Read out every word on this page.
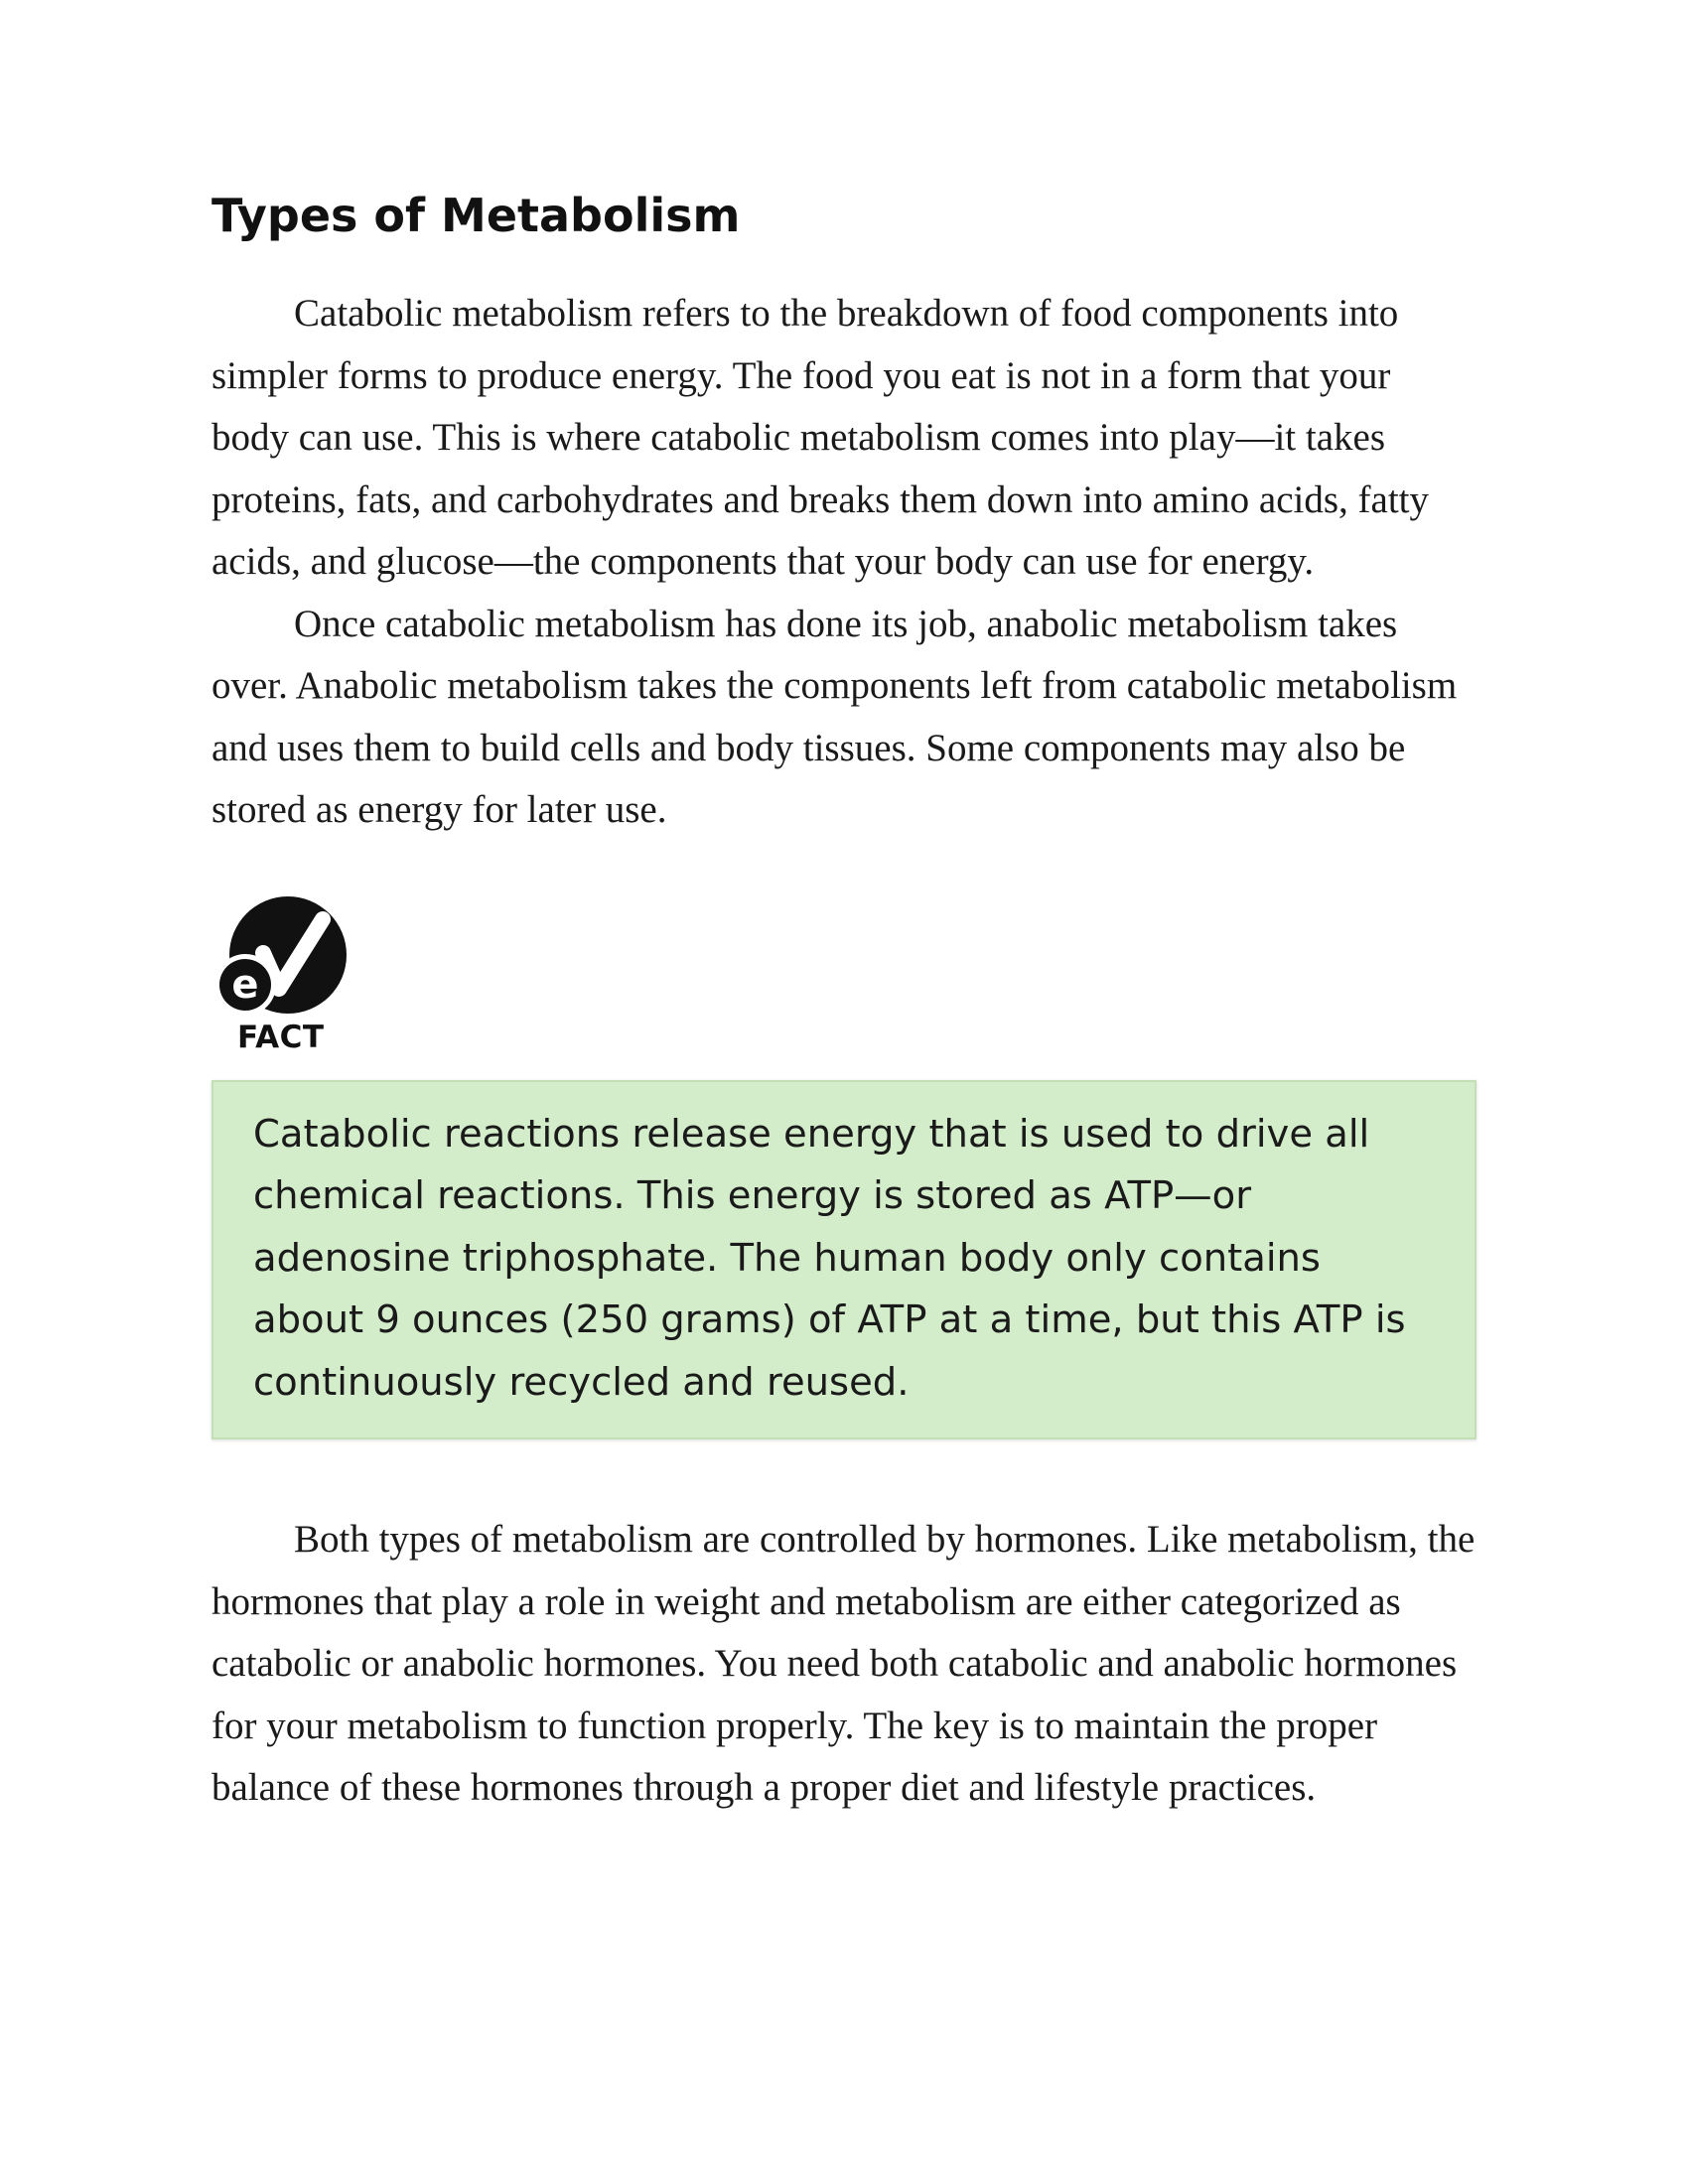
Types of Metabolism

Catabolic metabolism refers to the breakdown of food components into simpler forms to produce energy. The food you eat is not in a form that your body can use. This is where catabolic metabolism comes into play—it takes proteins, fats, and carbohydrates and breaks them down into amino acids, fatty acids, and glucose—the components that your body can use for energy.

Once catabolic metabolism has done its job, anabolic metabolism takes over. Anabolic metabolism takes the components left from catabolic metabolism and uses them to build cells and body tissues. Some components may also be stored as energy for later use.

e
FACT

Catabolic reactions release energy that is used to drive all chemical reactions. This energy is stored as ATP—or adenosine triphosphate. The human body only contains about 9 ounces (250 grams) of ATP at a time, but this ATP is continuously recycled and reused.

Both types of metabolism are controlled by hormones. Like metabolism, the hormones that play a role in weight and metabolism are either categorized as catabolic or anabolic hormones. You need both catabolic and anabolic hormones for your metabolism to function properly. The key is to maintain the proper balance of these hormones through a proper diet and lifestyle practices.
